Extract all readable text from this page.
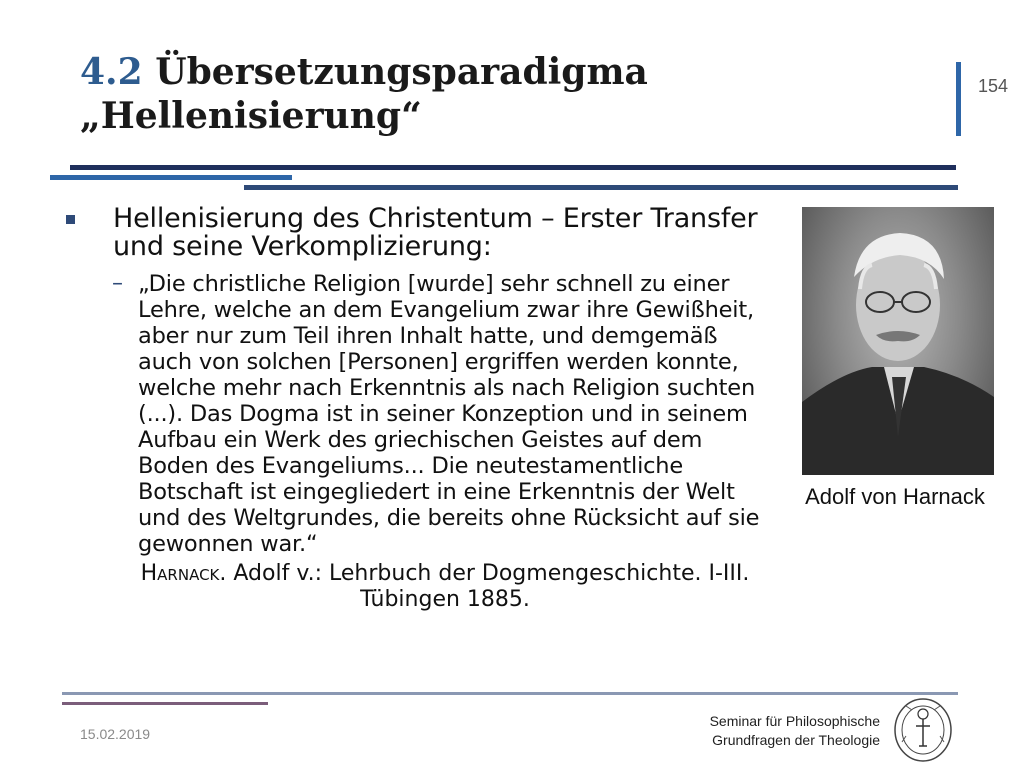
4.2 Übersetzungsparadigma
„Hellenisierung“
154
Hellenisierung des Christentum – Erster Transfer und seine Verkomplizierung:
– „Die christliche Religion [wurde] sehr schnell zu einer Lehre, welche an dem Evangelium zwar ihre Gewißheit, aber nur zum Teil ihren Inhalt hatte, und demgemäß auch von solchen [Personen] ergriffen werden konnte, welche mehr nach Erkenntnis als nach Religion suchten (...). Das Dogma ist in seiner Konzeption und in seinem Aufbau ein Werk des griechischen Geistes auf dem Boden des Evangeliums... Die neutestamentliche Botschaft ist eingegliedert in eine Erkenntnis der Welt und des Weltgrundes, die bereits ohne Rücksicht auf sie gewonnen war.“
Harnack. Adolf v.: Lehrbuch der Dogmengeschichte. I-III.
Tübingen 1885.
Adolf von Harnack
15.02.2019
Seminar für Philosophische
Grundfragen der Theologie
